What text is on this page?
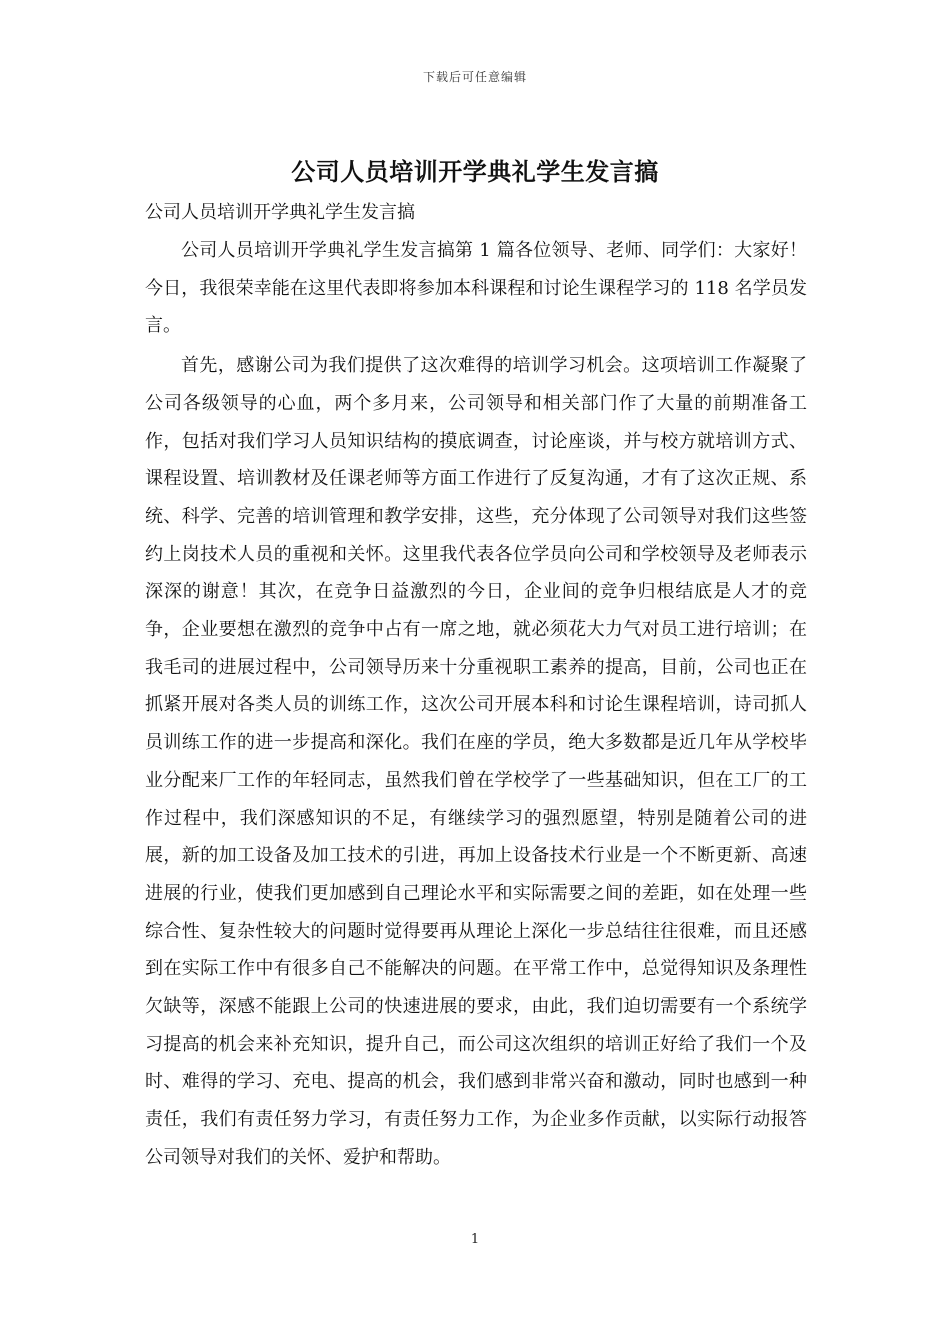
下载后可任意编辑
公司人员培训开学典礼学生发言搞

公司人员培训开学典礼学生发言搞

公司人员培训开学典礼学生发言搞第 1 篇各位领导、老师、同学们：大家好！今日，我很荣幸能在这里代表即将参加本科课程和讨论生课程学习的 118 名学员发言。

首先，感谢公司为我们提供了这次难得的培训学习机会。这项培训工作凝聚了公司各级领导的心血，两个多月来，公司领导和相关部门作了大量的前期准备工作，包括对我们学习人员知识结构的摸底调查，讨论座谈，并与校方就培训方式、课程设置、培训教材及任课老师等方面工作进行了反复沟通，才有了这次正规、系统、科学、完善的培训管理和教学安排，这些，充分体现了公司领导对我们这些签约上岗技术人员的重视和关怀。这里我代表各位学员向公司和学校领导及老师表示深深的谢意！其次，在竞争日益激烈的今日，企业间的竞争归根结底是人才的竞争，企业要想在激烈的竞争中占有一席之地，就必须花大力气对员工进行培训；在我毛司的进展过程中，公司领导历来十分重视职工素养的提高，目前，公司也正在抓紧开展对各类人员的训练工作，这次公司开展本科和讨论生课程培训，诗司抓人员训练工作的进一步提高和深化。我们在座的学员，绝大多数都是近几年从学校毕业分配来厂工作的年轻同志，虽然我们曾在学校学了一些基础知识，但在工厂的工作过程中，我们深感知识的不足，有继续学习的强烈愿望，特别是随着公司的进展，新的加工设备及加工技术的引进，再加上设备技术行业是一个不断更新、高速进展的行业，使我们更加感到自己理论水平和实际需要之间的差距，如在处理一些综合性、复杂性较大的问题时觉得要再从理论上深化一步总结往往很难，而且还感到在实际工作中有很多自己不能解决的问题。在平常工作中，总觉得知识及条理性欠缺等，深感不能跟上公司的快速进展的要求，由此，我们迫切需要有一个系统学习提高的机会来补充知识，提升自己，而公司这次组织的培训正好给了我们一个及时、难得的学习、充电、提高的机会，我们感到非常兴奋和激动，同时也感到一种责任，我们有责任努力学习，有责任努力工作，为企业多作贡献，以实际行动报答公司领导对我们的关怀、爱护和帮助。

1
